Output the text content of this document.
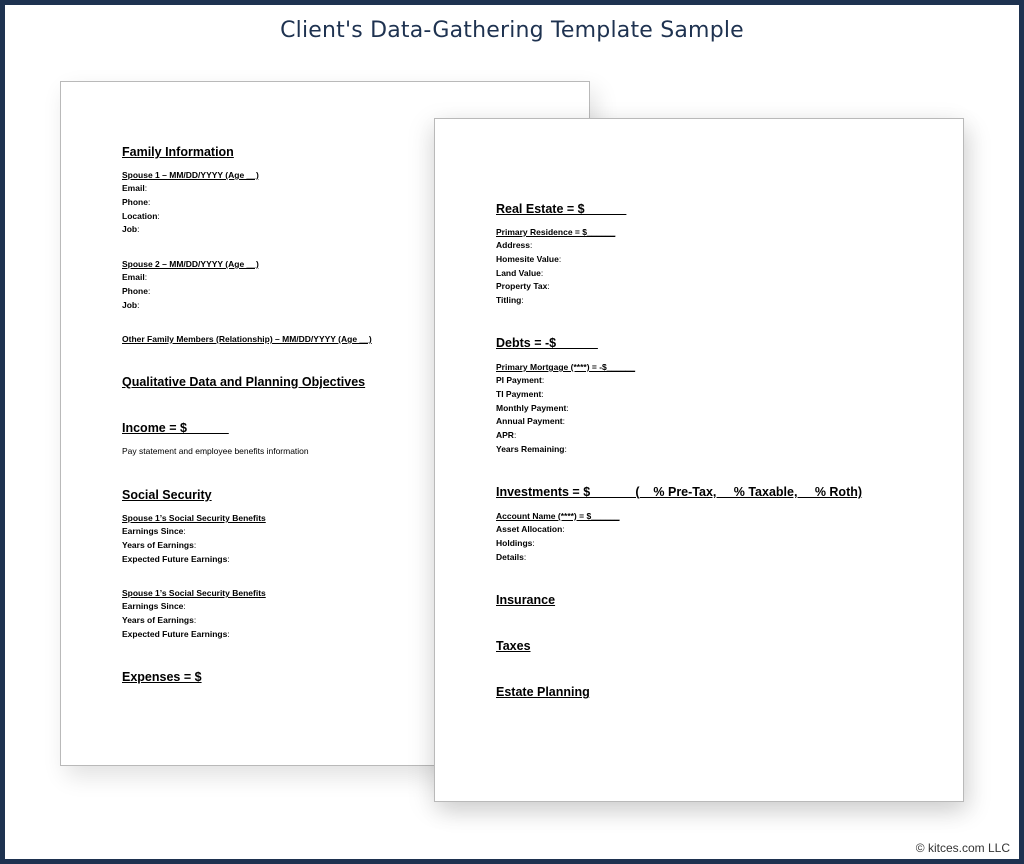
Client's Data-Gathering Template Sample
Family Information
Spouse 1 – MM/DD/YYYY (Age __)
Email:
Phone:
Location:
Job:
Spouse 2 – MM/DD/YYYY (Age __)
Email:
Phone:
Job:
Other Family Members (Relationship) – MM/DD/YYYY (Age __)
Qualitative Data and Planning Objectives
Income = $______
Pay statement and employee benefits information
Social Security
Spouse 1’s Social Security Benefits
Earnings Since:
Years of Earnings:
Expected Future Earnings:
Spouse 1’s Social Security Benefits
Earnings Since:
Years of Earnings:
Expected Future Earnings:
Expenses = $
Real Estate = $______
Primary Residence = $______
Address:
Homesite Value:
Land Value:
Property Tax:
Titling:
Debts = -$______
Primary Mortgage (****) = -$______
PI Payment:
TI Payment:
Monthly Payment:
Annual Payment:
APR:
Years Remaining:
Investments = $______ (__% Pre-Tax, __% Taxable, __% Roth)
Account Name (****) = $______
Asset Allocation:
Holdings:
Details:
Insurance
Taxes
Estate Planning
© kitces.com LLC
